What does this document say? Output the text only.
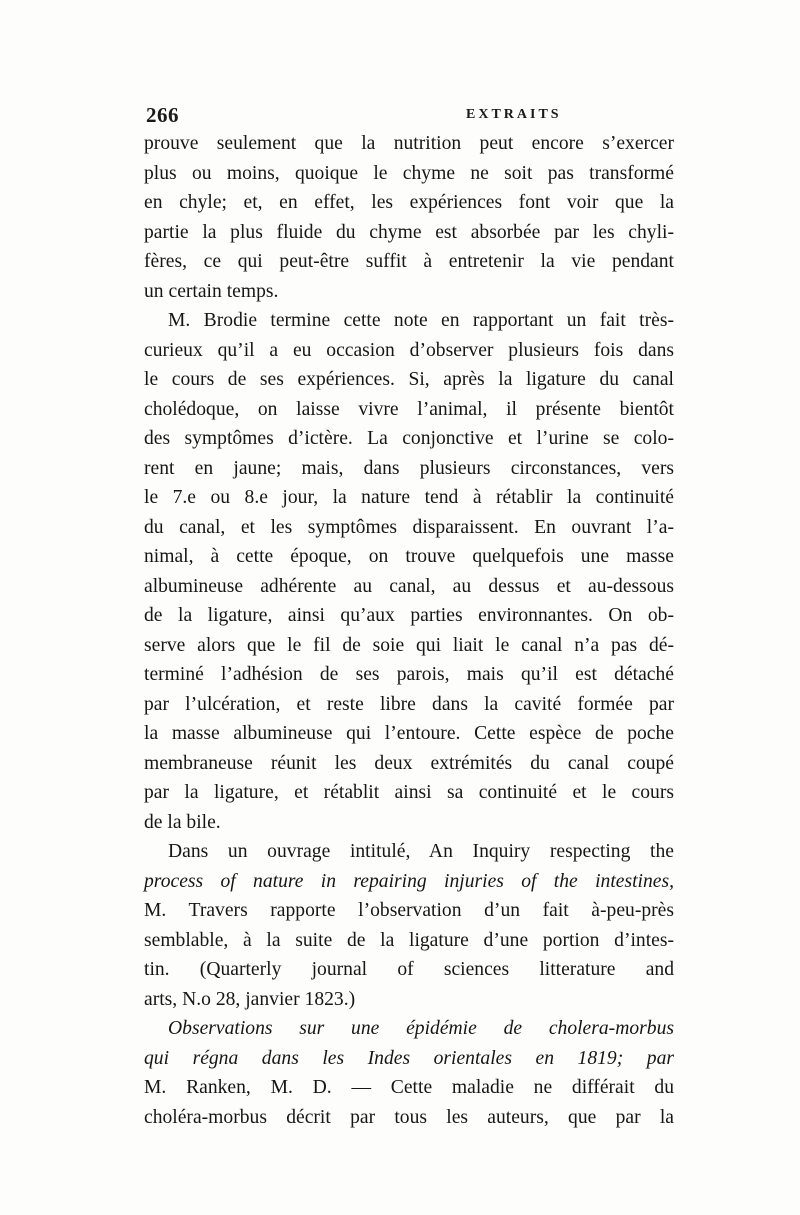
266	EXTRAITS
prouve seulement que la nutrition peut encore s’exercer
plus ou moins, quoique le chyme ne soit pas transformé
en chyle; et, en effet, les expériences font voir que la
partie la plus fluide du chyme est absorbée par les chyli-
fères, ce qui peut-être suffit à entretenir la vie pendant
un certain temps.
M. Brodie termine cette note en rapportant un fait très-
curieux qu’il a eu occasion d’observer plusieurs fois dans
le cours de ses expériences. Si, après la ligature du canal
cholédoque, on laisse vivre l’animal, il présente bientôt
des symptômes d’ictère. La conjonctive et l’urine se colo-
rent en jaune; mais, dans plusieurs circonstances, vers
le 7.e ou 8.e jour, la nature tend à rétablir la continuité
du canal, et les symptômes disparaissent. En ouvrant l’a-
nimal, à cette époque, on trouve quelquefois une masse
albumineuse adhérente au canal, au dessus et au-dessous
de la ligature, ainsi qu’aux parties environnantes. On ob-
serve alors que le fil de soie qui liait le canal n’a pas dé-
terminé l’adhésion de ses parois, mais qu’il est détaché
par l’ulcération, et reste libre dans la cavité formée par
la masse albumineuse qui l’entoure. Cette espèce de poche
membraneuse réunit les deux extrémités du canal coupé
par la ligature, et rétablit ainsi sa continuité et le cours
de la bile.
Dans un ouvrage intitulé, An Inquiry respecting the
process of nature in repairing injuries of the intestines,
M. Travers rapporte l’observation d’un fait à-peu-près
semblable, à la suite de la ligature d’une portion d’intes-
tin. (Quarterly journal of sciences litterature and
arts, N.o 28, janvier 1823.)
Observations sur une épidémie de cholera-morbus
qui régna dans les Indes orientales en 1819; par
M. Ranken, M. D. — Cette maladie ne différait du
choléra-morbus décrit par tous les auteurs, que par la
